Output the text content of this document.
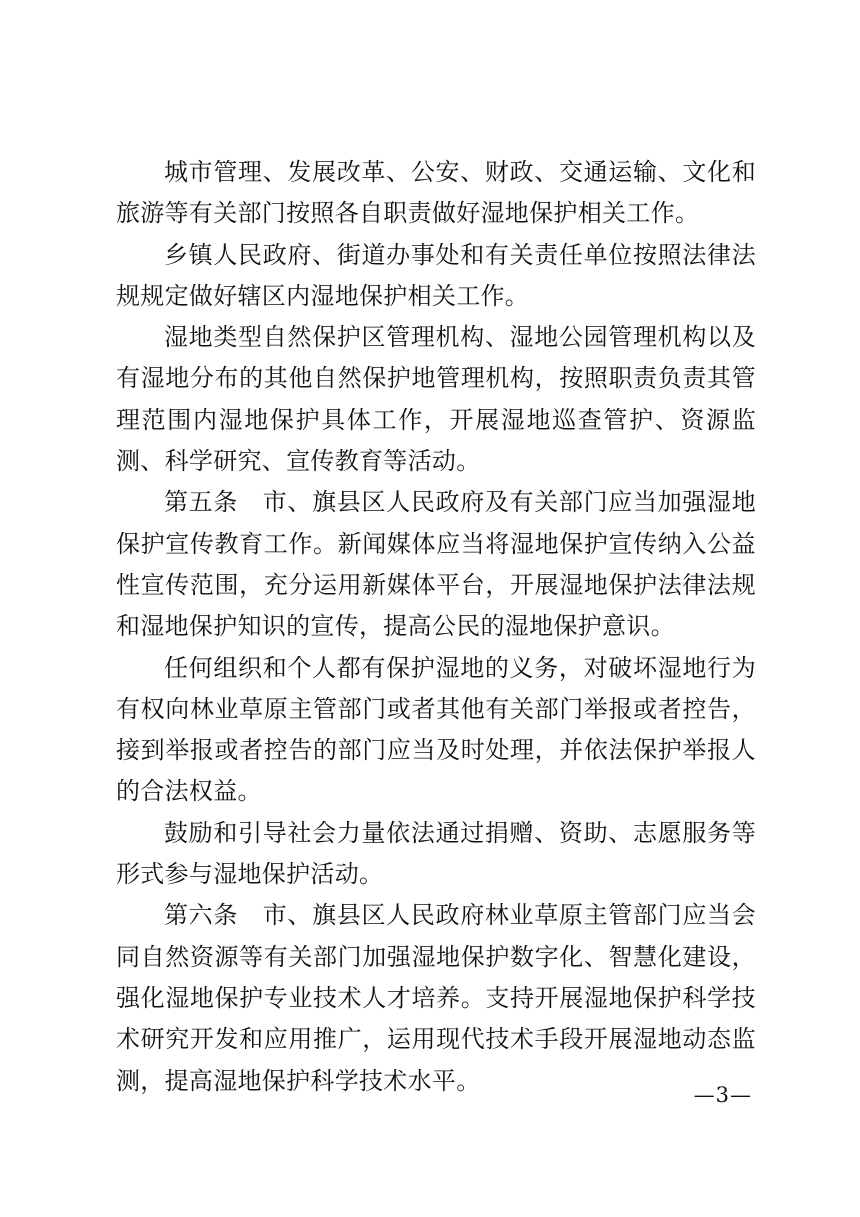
城市管理、发展改革、公安、财政、交通运输、文化和旅游等有关部门按照各自职责做好湿地保护相关工作。

乡镇人民政府、街道办事处和有关责任单位按照法律法规规定做好辖区内湿地保护相关工作。

湿地类型自然保护区管理机构、湿地公园管理机构以及有湿地分布的其他自然保护地管理机构，按照职责负责其管理范围内湿地保护具体工作，开展湿地巡查管护、资源监测、科学研究、宣传教育等活动。

第五条　市、旗县区人民政府及有关部门应当加强湿地保护宣传教育工作。新闻媒体应当将湿地保护宣传纳入公益性宣传范围，充分运用新媒体平台，开展湿地保护法律法规和湿地保护知识的宣传，提高公民的湿地保护意识。

任何组织和个人都有保护湿地的义务，对破坏湿地行为有权向林业草原主管部门或者其他有关部门举报或者控告，接到举报或者控告的部门应当及时处理，并依法保护举报人的合法权益。

鼓励和引导社会力量依法通过捐赠、资助、志愿服务等形式参与湿地保护活动。

第六条　市、旗县区人民政府林业草原主管部门应当会同自然资源等有关部门加强湿地保护数字化、智慧化建设，强化湿地保护专业技术人才培养。支持开展湿地保护科学技术研究开发和应用推广，运用现代技术手段开展湿地动态监测，提高湿地保护科学技术水平。

—3—
